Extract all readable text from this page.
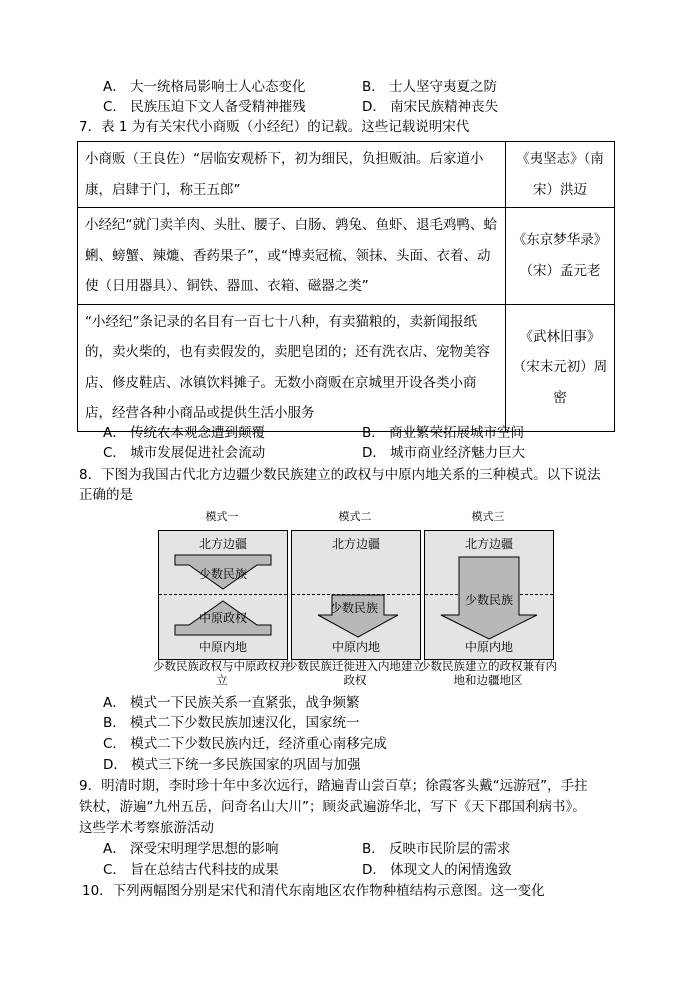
A． 大一统格局影响士人心态变化	B． 士人坚守夷夏之防
C． 民族压迫下文人备受精神摧残	D． 南宋民族精神丧失
7．表 1 为有关宋代小商贩（小经纪）的记载。这些记载说明宋代
小商贩（王良佐）“居临安观桥下，初为细民，负担贩油。后家道小康，启肆于门，称王五郎”	《夷坚志》（南宋）洪迈
小经纪“就门卖羊肉、头肚、腰子、白肠、鹑兔、鱼虾、退毛鸡鸭、蛤蜊、螃蟹、辣熝、香药果子”，或“博卖冠梳、领抹、头面、衣着、动使（日用器具）、铜铁、器皿、衣箱、磁器之类”	《东京梦华录》（宋）孟元老
“小经纪”条记录的名目有一百七十八种，有卖猫粮的，卖新闻报纸的，卖火柴的，也有卖假发的，卖肥皂团的；还有洗衣店、宠物美容店、修皮鞋店、冰镇饮料摊子。无数小商贩在京城里开设各类小商店，经营各种小商品或提供生活小服务	《武林旧事》（宋末元初）周密
A． 传统农本观念遭到颠覆	B． 商业繁荣拓展城市空间
C． 城市发展促进社会流动	D． 城市商业经济魅力巨大
8．下图为我国古代北方边疆少数民族建立的政权与中原内地关系的三种模式。以下说法
正确的是
模式一
北方边疆
少数民族
中原政权
中原内地
少数民族政权与中原政权并立
模式二
北方边疆
少数民族
中原内地
少数民族迁徙进入内地建立政权
模式三
北方边疆
少数民族
中原内地
少数民族建立的政权兼有内地和边疆地区
A． 模式一下民族关系一直紧张，战争频繁
B． 模式二下少数民族加速汉化，国家统一
C． 模式二下少数民族内迁，经济重心南移完成
D． 模式三下统一多民族国家的巩固与加强
9．明清时期，李时珍十年中多次远行，踏遍青山尝百草；徐霞客头戴“远游冠”，手拄
铁杖，游遍“九州五岳，问奇名山大川”；顾炎武遍游华北，写下《天下郡国利病书》。
这些学术考察旅游活动
A． 深受宋明理学思想的影响	B． 反映市民阶层的需求
C． 旨在总结古代科技的成果	D． 体现文人的闲情逸致
10．下列两幅图分别是宋代和清代东南地区农作物种植结构示意图。这一变化
